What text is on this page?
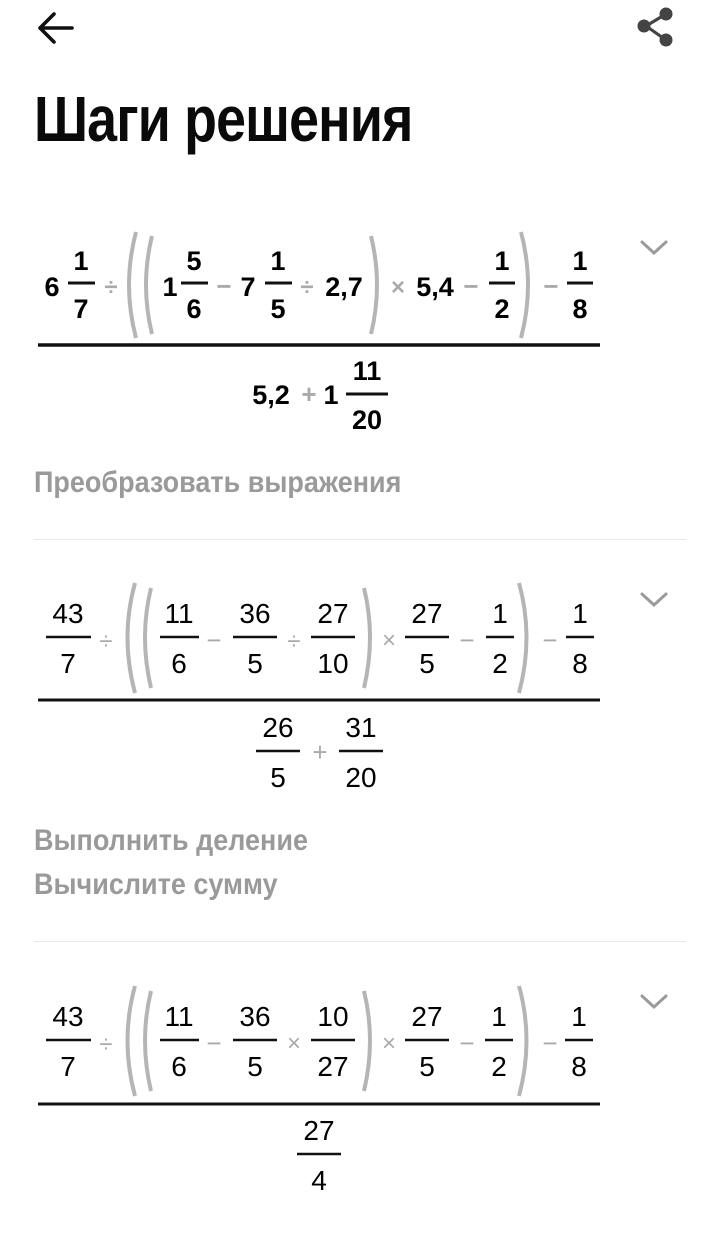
Шаги решения
6
1
7
÷ 1
5
6
− 7
1
5
÷ 2,7 × 5,4 −
1
2
−
1
8
5,2 + 1
11
20
Преобразовать выражения
43
7
÷
11
6
−
36
5
÷
27
10
×
27
5
−
1
2
−
1
8
26
5
+
31
20
Выполнить деление
Вычислите сумму
43
7
÷
11
6
−
36
5
×
10
27
×
27
5
−
1
2
−
1
8
27
4
